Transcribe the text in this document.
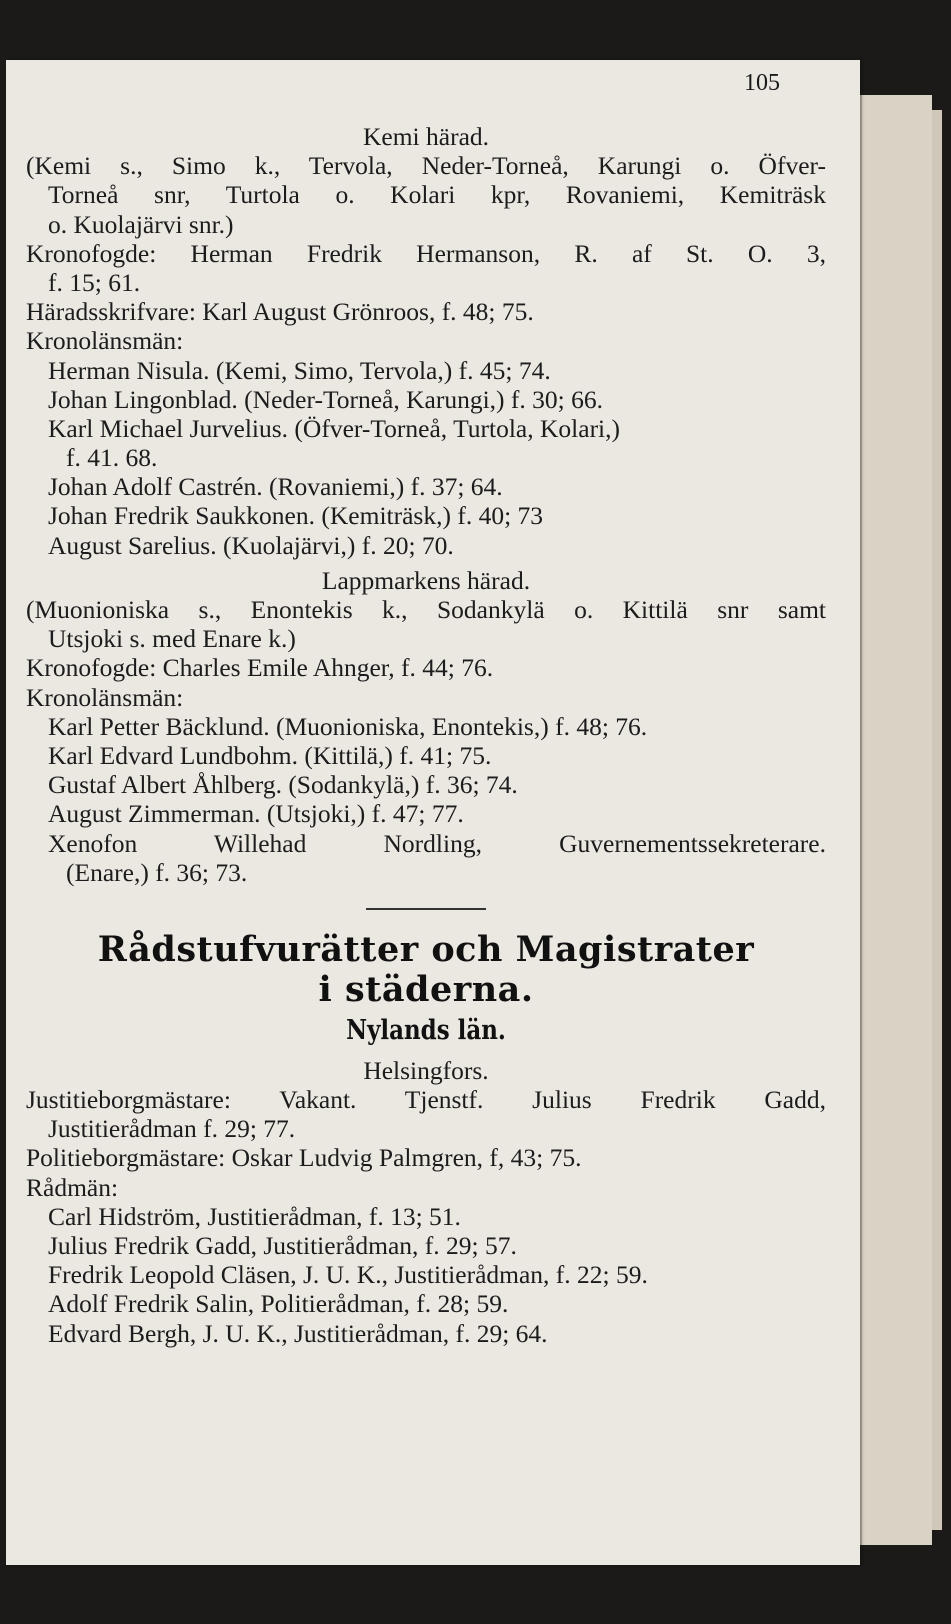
105
Kemi härad.
(Kemi s., Simo k., Tervola, Neder-Torneå, Karungi o. Öfver-
Torneå snr, Turtola o. Kolari kpr, Rovaniemi, Kemiträsk
o. Kuolajärvi snr.)
Kronofogde: Herman Fredrik Hermanson, R. af St. O. 3,
f. 15; 61.
Häradsskrifvare: Karl August Grönroos, f. 48; 75.
Kronolänsmän:
Herman Nisula. (Kemi, Simo, Tervola,) f. 45; 74.
Johan Lingonblad. (Neder-Torneå, Karungi,) f. 30; 66.
Karl Michael Jurvelius. (Öfver-Torneå, Turtola, Kolari,)
f. 41. 68.
Johan Adolf Castrén. (Rovaniemi,) f. 37; 64.
Johan Fredrik Saukkonen. (Kemiträsk,) f. 40; 73
August Sarelius. (Kuolajärvi,) f. 20; 70.
Lappmarkens härad.
(Muonioniska s., Enontekis k., Sodankylä o. Kittilä snr samt
Utsjoki s. med Enare k.)
Kronofogde: Charles Emile Ahnger, f. 44; 76.
Kronolänsmän:
Karl Petter Bäcklund. (Muonioniska, Enontekis,) f. 48; 76.
Karl Edvard Lundbohm. (Kittilä,) f. 41; 75.
Gustaf Albert Åhlberg. (Sodankylä,) f. 36; 74.
August Zimmerman. (Utsjoki,) f. 47; 77.
Xenofon Willehad Nordling, Guvernementssekreterare.
(Enare,) f. 36; 73.
Rådstufvurätter och Magistrater
i städerna.
Nylands län.
Helsingfors.
Justitieborgmästare: Vakant. Tjenstf. Julius Fredrik Gadd,
Justitierådman f. 29; 77.
Politieborgmästare: Oskar Ludvig Palmgren, f, 43; 75.
Rådmän:
Carl Hidström, Justitierådman, f. 13; 51.
Julius Fredrik Gadd, Justitierådman, f. 29; 57.
Fredrik Leopold Cläsen, J. U. K., Justitierådman, f. 22; 59.
Adolf Fredrik Salin, Politierådman, f. 28; 59.
Edvard Bergh, J. U. K., Justitierådman, f. 29; 64.
